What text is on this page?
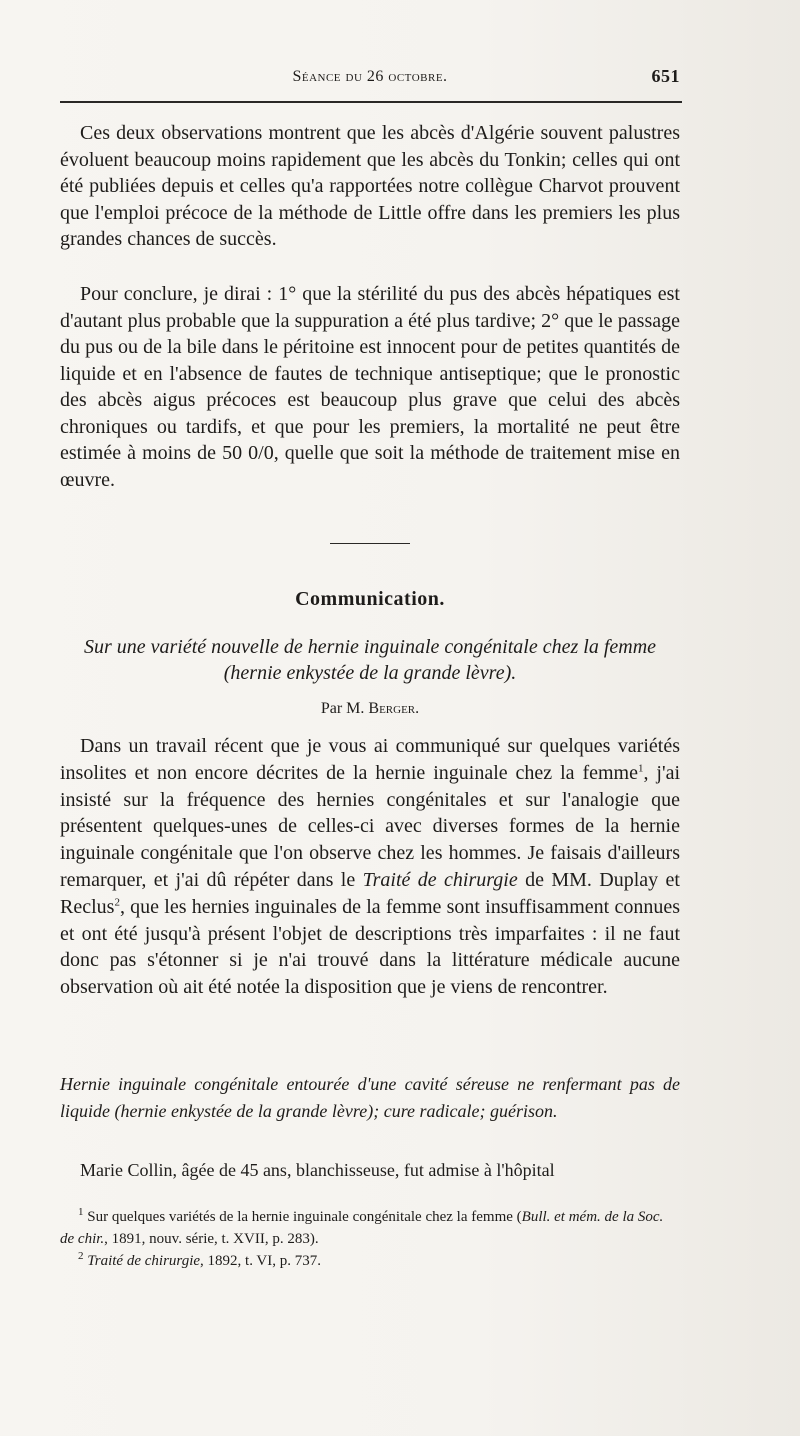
Séance du 26 octobre.	651

Ces deux observations montrent que les abcès d'Algérie souvent palustres évoluent beaucoup moins rapidement que les abcès du Tonkin; celles qui ont été publiées depuis et celles qu'a rapportées notre collègue Charvot prouvent que l'emploi précoce de la méthode de Little offre dans les premiers les plus grandes chances de succès.

Pour conclure, je dirai : 1° que la stérilité du pus des abcès hépatiques est d'autant plus probable que la suppuration a été plus tardive; 2° que le passage du pus ou de la bile dans le péritoine est innocent pour de petites quantités de liquide et en l'absence de fautes de technique antiseptique; que le pronostic des abcès aigus précoces est beaucoup plus grave que celui des abcès chroniques ou tardifs, et que pour les premiers, la mortalité ne peut être estimée à moins de 50 0/0, quelle que soit la méthode de traitement mise en œuvre.

Communication.
Sur une variété nouvelle de hernie inguinale congénitale chez la femme (hernie enkystée de la grande lèvre).
Par M. Berger.

Dans un travail récent que je vous ai communiqué sur quelques variétés insolites et non encore décrites de la hernie inguinale chez la femme$^1$, j'ai insisté sur la fréquence des hernies congénitales et sur l'analogie que présentent quelques-unes de celles-ci avec diverses formes de la hernie inguinale congénitale que l'on observe chez les hommes. Je faisais d'ailleurs remarquer, et j'ai dû répéter dans le Traité de chirurgie de MM. Duplay et Reclus$^2$, que les hernies inguinales de la femme sont insuffisamment connues et ont été jusqu'à présent l'objet de descriptions très imparfaites : il ne faut donc pas s'étonner si je n'ai trouvé dans la littérature médicale aucune observation où ait été notée la disposition que je viens de rencontrer.

Hernie inguinale congénitale entourée d'une cavité séreuse ne renfermant pas de liquide (hernie enkystée de la grande lèvre); cure radicale; guérison.

Marie Collin, âgée de 45 ans, blanchisseuse, fut admise à l'hôpital

$^1$ Sur quelques variétés de la hernie inguinale congénitale chez la femme (Bull. et mém. de la Soc. de chir., 1891, nouv. série, t. XVII, p. 283).
$^2$ Traité de chirurgie, 1892, t. VI, p. 737.
